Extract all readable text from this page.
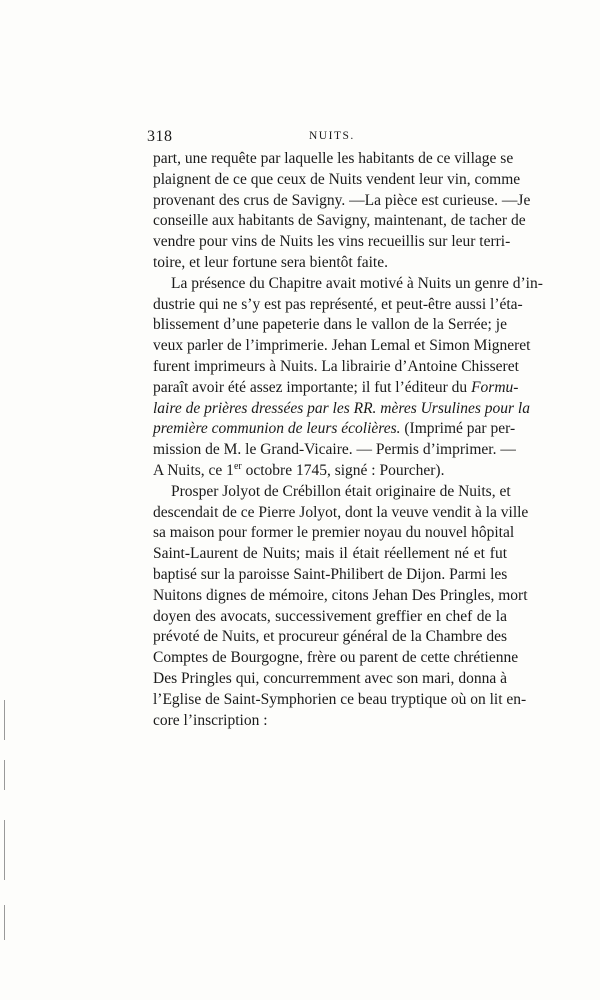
318	NUITS.

part, une requête par laquelle les habitants de ce village se

plaignent de ce que ceux de Nuits vendent leur vin, comme

provenant des crus de Savigny. —La pièce est curieuse. —Je

conseille aux habitants de Savigny, maintenant, de tacher de

vendre pour vins de Nuits les vins recueillis sur leur terri-

toire, et leur fortune sera bientôt faite.

La présence du Chapitre avait motivé à Nuits un genre d’in-

dustrie qui ne s’y est pas représenté, et peut-être aussi l’éta-

blissement d’une papeterie dans le vallon de la Serrée; je

veux parler de l’imprimerie. Jehan Lemal et Simon Migneret

furent imprimeurs à Nuits. La librairie d’Antoine Chisseret

paraît avoir été assez importante; il fut l’éditeur du Formu-

laire de prières dressées par les RR. mères Ursulines pour la

première communion de leurs écolières. (Imprimé par per-

mission de M. le Grand-Vicaire. — Permis d’imprimer. —

A Nuits, ce 1er octobre 1745, signé : Pourcher).

Prosper Jolyot de Crébillon était originaire de Nuits, et

descendait de ce Pierre Jolyot, dont la veuve vendit à la ville

sa maison pour former le premier noyau du nouvel hôpital

Saint-Laurent de Nuits; mais il était réellement né et fut

baptisé sur la paroisse Saint-Philibert de Dijon. Parmi les

Nuitons dignes de mémoire, citons Jehan Des Pringles, mort

doyen des avocats, successivement greffier en chef de la

prévoté de Nuits, et procureur général de la Chambre des

Comptes de Bourgogne, frère ou parent de cette chrétienne

Des Pringles qui, concurremment avec son mari, donna à

l’Eglise de Saint-Symphorien ce beau tryptique où on lit en-

core l’inscription :
